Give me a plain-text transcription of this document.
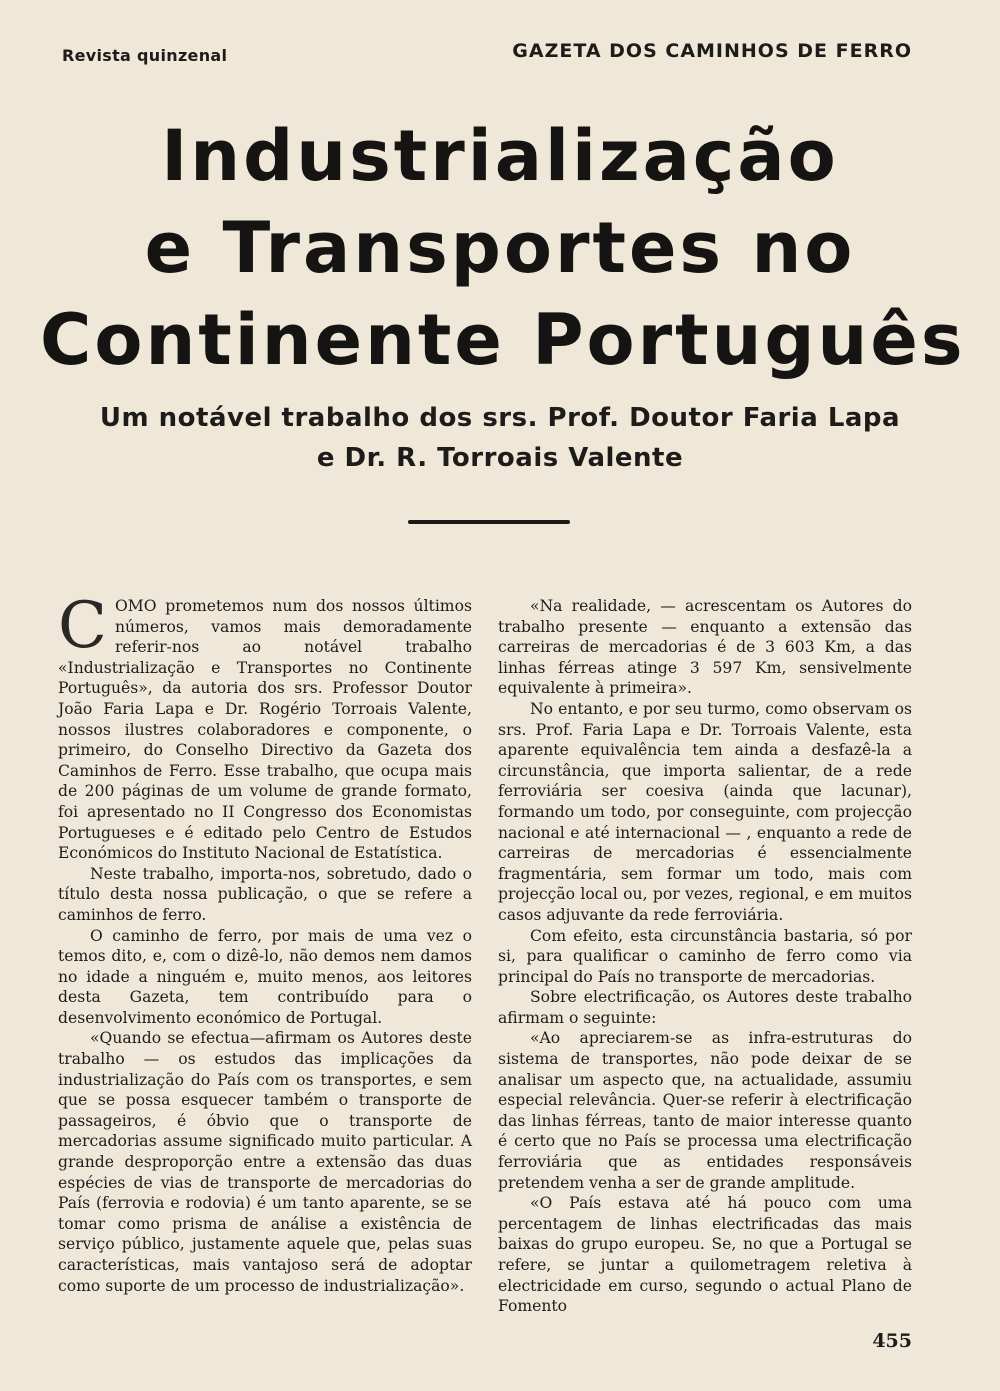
Revista quinzenal	GAZETA DOS CAMINHOS DE FERRO
Industrialização
e Transportes no
Continente Português
Um notável trabalho dos srs. Prof. Doutor Faria Lapa
e Dr. R. Torroais Valente

COMO prometemos num dos nossos últimos números, vamos mais demoradamente referir-nos ao notável trabalho «Industrialização e Transportes no Continente Português», da autoria dos srs. Professor Doutor João Faria Lapa e Dr. Rogério Torroais Valente, nossos ilustres colaboradores e componente, o primeiro, do Conselho Directivo da Gazeta dos Caminhos de Ferro. Esse trabalho, que ocupa mais de 200 páginas de um volume de grande formato, foi apresentado no II Congresso dos Economistas Portugueses e é editado pelo Centro de Estudos Económicos do Instituto Nacional de Estatística.

Neste trabalho, importa-nos, sobretudo, dado o título desta nossa publicação, o que se refere a caminhos de ferro.

O caminho de ferro, por mais de uma vez o temos dito, e, com o dizê-lo, não demos nem damos no idade a ninguém e, muito menos, aos leitores desta Gazeta, tem contribuído para o desenvolvimento económico de Portugal.

«Quando se efectua—afirmam os Autores deste trabalho — os estudos das implicações da industrialização do País com os transportes, e sem que se possa esquecer também o transporte de passageiros, é óbvio que o transporte de mercadorias assume significado muito particular. A grande desproporção entre a extensão das duas espécies de vias de transporte de mercadorias do País (ferrovia e rodovia) é um tanto aparente, se se tomar como prisma de análise a existência de serviço público, justamente aquele que, pelas suas características, mais vantajoso será de adoptar como suporte de um processo de industrialização».

«Na realidade, — acrescentam os Autores do trabalho presente — enquanto a extensão das carreiras de mercadorias é de 3 603 Km, a das linhas férreas atinge 3 597 Km, sensivelmente equivalente à primeira».

No entanto, e por seu turmo, como observam os srs. Prof. Faria Lapa e Dr. Torroais Valente, esta aparente equivalência tem ainda a desfazê-la a circunstância, que importa salientar, de a rede ferroviária ser coesiva (ainda que lacunar), formando um todo, por conseguinte, com projecção nacional e até internacional — , enquanto a rede de carreiras de mercadorias é essencialmente fragmentária, sem formar um todo, mais com projecção local ou, por vezes, regional, e em muitos casos adjuvante da rede ferroviária.

Com efeito, esta circunstância bastaria, só por si, para qualificar o caminho de ferro como via principal do País no transporte de mercadorias.

Sobre electrificação, os Autores deste trabalho afirmam o seguinte:

«Ao apreciarem-se as infra-estruturas do sistema de transportes, não pode deixar de se analisar um aspecto que, na actualidade, assumiu especial relevância. Quer-se referir à electrificação das linhas férreas, tanto de maior interesse quanto é certo que no País se processa uma electrificação ferroviária que as entidades responsáveis pretendem venha a ser de grande amplitude.

«O País estava até há pouco com uma percentagem de linhas electrificadas das mais baixas do grupo europeu. Se, no que a Portugal se refere, se juntar a quilometragem reletiva à electricidade em curso, segundo o actual Plano de Fomento

455
